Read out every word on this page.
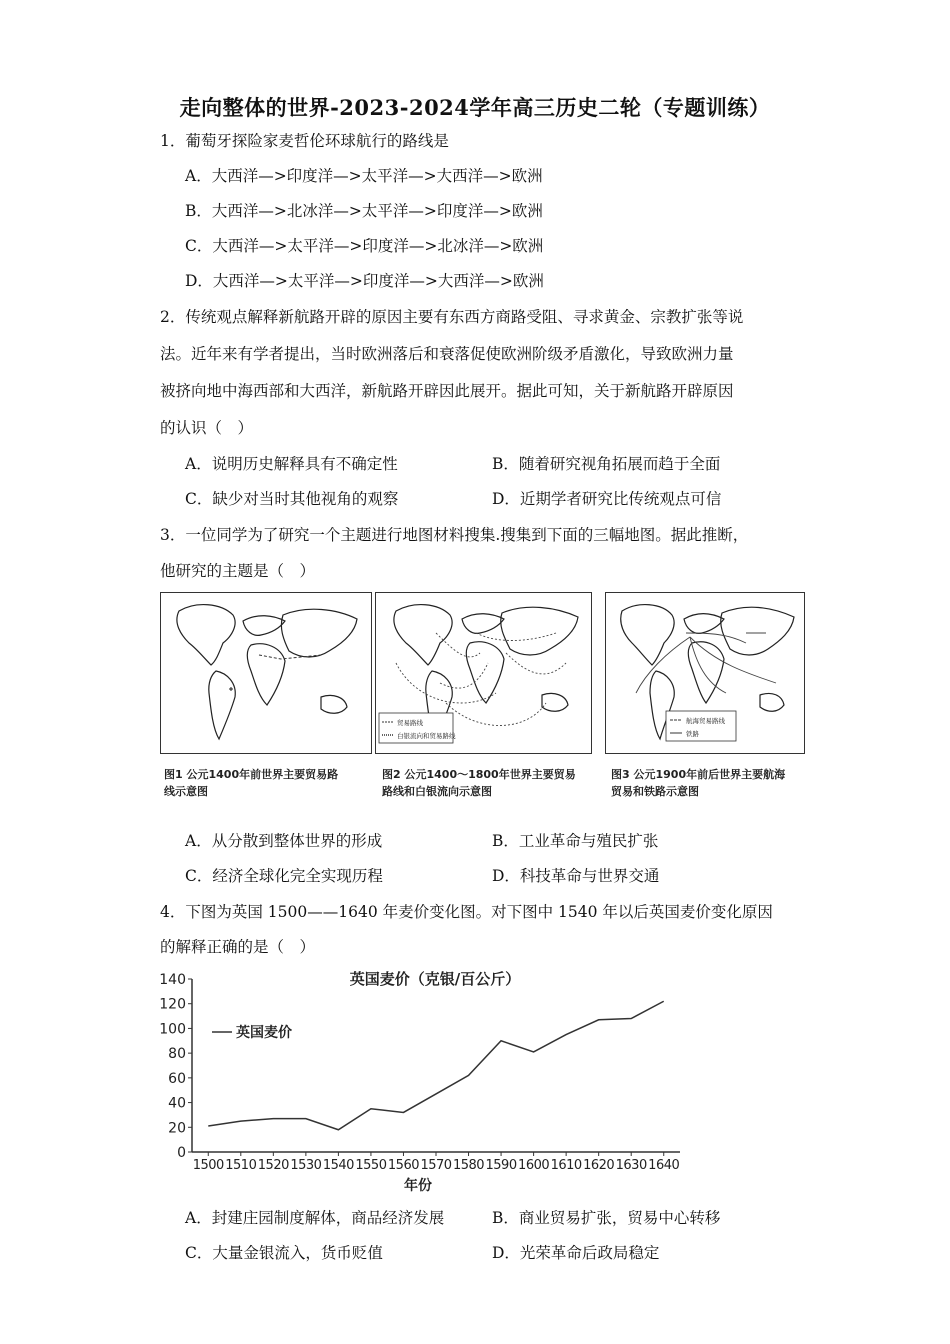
走向整体的世界-2023-2024学年高三历史二轮（专题训练）
1．葡萄牙探险家麦哲伦环球航行的路线是
A．大西洋—>印度洋—>太平洋—>大西洋—>欧洲
B．大西洋—>北冰洋—>太平洋—>印度洋—>欧洲
C．大西洋—>太平洋—>印度洋—>北冰洋—>欧洲
D．大西洋—>太平洋—>印度洋—>大西洋—>欧洲
2．传统观点解释新航路开辟的原因主要有东西方商路受阻、寻求黄金、宗教扩张等说
法。近年来有学者提出，当时欧洲落后和衰落促使欧洲阶级矛盾激化，导致欧洲力量
被挤向地中海西部和大西洋，新航路开辟因此展开。据此可知，关于新航路开辟原因
的认识（　）
A．说明历史解释具有不确定性	B．随着研究视角拓展而趋于全面
C．缺少对当时其他视角的观察	D．近期学者研究比传统观点可信
3．一位同学为了研究一个主题进行地图材料搜集.搜集到下面的三幅地图。据此推断，
他研究的主题是（　）
贸易路线
白银流向和贸易路线
航海贸易路线
铁路
图1 公元1400年前世界主要贸易路
线示意图
图2 公元1400～1800年世界主要贸易
路线和白银流向示意图
图3 公元1900年前后世界主要航海
贸易和铁路示意图
A．从分散到整体世界的形成	B．工业革命与殖民扩张
C．经济全球化完全实现历程	D．科技革命与世界交通
4．下图为英国 1500——1640 年麦价变化图。对下图中 1540 年以后英国麦价变化原因
的解释正确的是（　）
英国麦价（克银/百公斤）
英国麦价
年份
0
20
40
60
80
100
120
140
1500 1510 1520 1530 1540 1550 1560 1570 1580 1590 1600 1610 1620 1630 1640
A．封建庄园制度解体，商品经济发展	B．商业贸易扩张，贸易中心转移
C．大量金银流入，货币贬值	D．光荣革命后政局稳定
